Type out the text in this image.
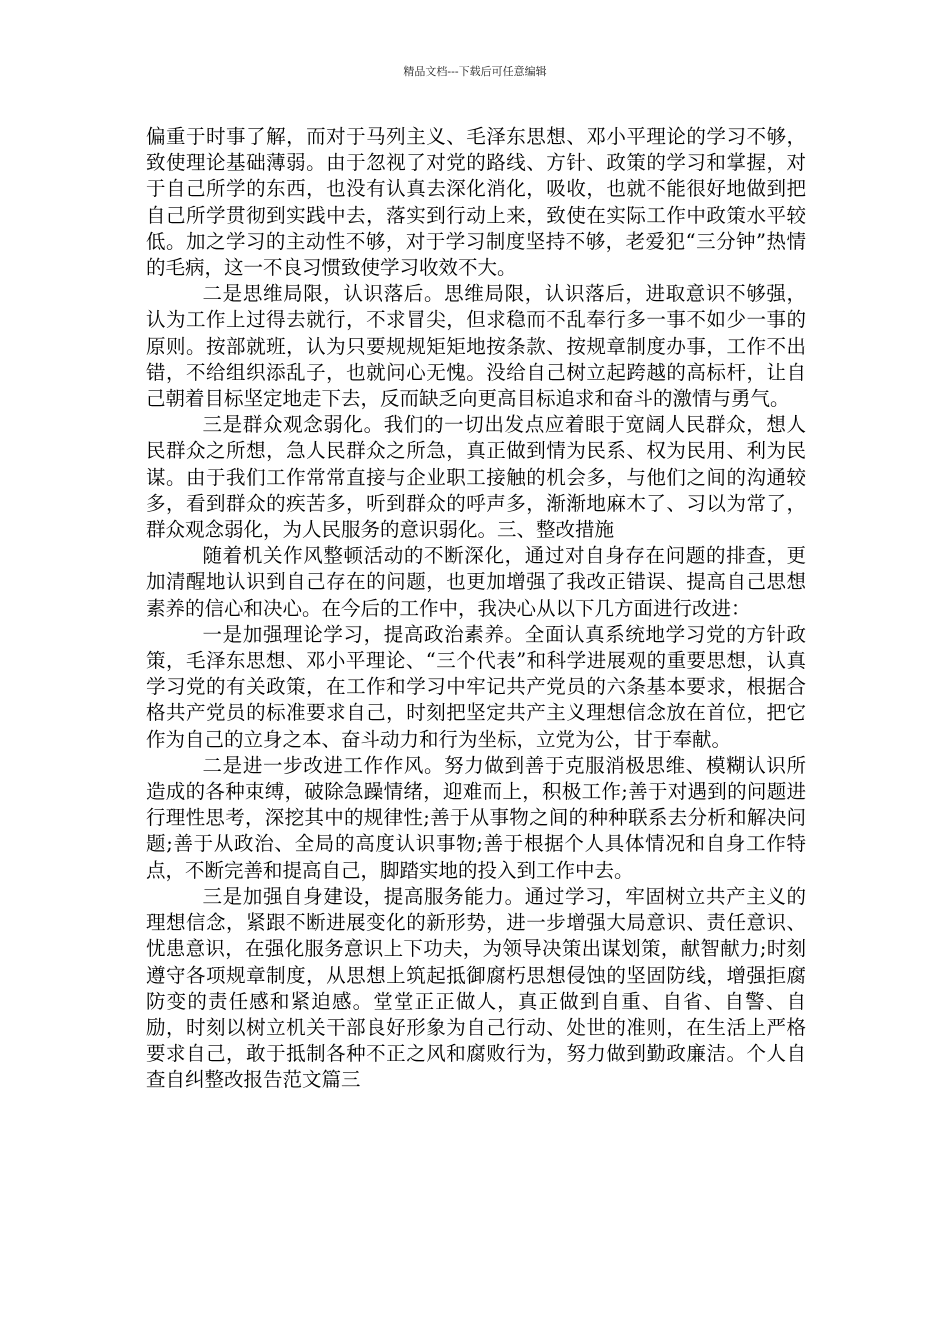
精品文档---下载后可任意编辑

偏重于时事了解，而对于马列主义、毛泽东思想、邓小平理论的学习不够，致使理论基础薄弱。由于忽视了对党的路线、方针、政策的学习和掌握，对于自己所学的东西，也没有认真去深化消化，吸收，也就不能很好地做到把自己所学贯彻到实践中去，落实到行动上来，致使在实际工作中政策水平较低。加之学习的主动性不够，对于学习制度坚持不够，老爱犯“三分钟”热情的毛病，这一不良习惯致使学习收效不大。

二是思维局限，认识落后。思维局限，认识落后，进取意识不够强，认为工作上过得去就行，不求冒尖，但求稳而不乱奉行多一事不如少一事的原则。按部就班，认为只要规规矩矩地按条款、按规章制度办事，工作不出错，不给组织添乱子，也就问心无愧。没给自己树立起跨越的高标杆，让自己朝着目标坚定地走下去，反而缺乏向更高目标追求和奋斗的激情与勇气。

三是群众观念弱化。我们的一切出发点应着眼于宽阔人民群众，想人民群众之所想，急人民群众之所急，真正做到情为民系、权为民用、利为民谋。由于我们工作常常直接与企业职工接触的机会多，与他们之间的沟通较多，看到群众的疾苦多，听到群众的呼声多，渐渐地麻木了、习以为常了，群众观念弱化，为人民服务的意识弱化。三、整改措施

随着机关作风整顿活动的不断深化，通过对自身存在问题的排查，更加清醒地认识到自己存在的问题，也更加增强了我改正错误、提高自己思想素养的信心和决心。在今后的工作中，我决心从以下几方面进行改进：

一是加强理论学习，提高政治素养。全面认真系统地学习党的方针政策，毛泽东思想、邓小平理论、“三个代表”和科学进展观的重要思想，认真学习党的有关政策，在工作和学习中牢记共产党员的六条基本要求，根据合格共产党员的标准要求自己，时刻把坚定共产主义理想信念放在首位，把它作为自己的立身之本、奋斗动力和行为坐标，立党为公，甘于奉献。

二是进一步改进工作作风。努力做到善于克服消极思维、模糊认识所造成的各种束缚，破除急躁情绪，迎难而上，积极工作;善于对遇到的问题进行理性思考，深挖其中的规律性;善于从事物之间的种种联系去分析和解决问题;善于从政治、全局的高度认识事物;善于根据个人具体情况和自身工作特点，不断完善和提高自己，脚踏实地的投入到工作中去。

三是加强自身建设，提高服务能力。通过学习，牢固树立共产主义的理想信念，紧跟不断进展变化的新形势，进一步增强大局意识、责任意识、忧患意识，在强化服务意识上下功夫，为领导决策出谋划策，献智献力;时刻遵守各项规章制度，从思想上筑起抵御腐朽思想侵蚀的坚固防线，增强拒腐防变的责任感和紧迫感。堂堂正正做人，真正做到自重、自省、自警、自励，时刻以树立机关干部良好形象为自己行动、处世的准则，在生活上严格要求自己，敢于抵制各种不正之风和腐败行为，努力做到勤政廉洁。个人自查自纠整改报告范文篇三
